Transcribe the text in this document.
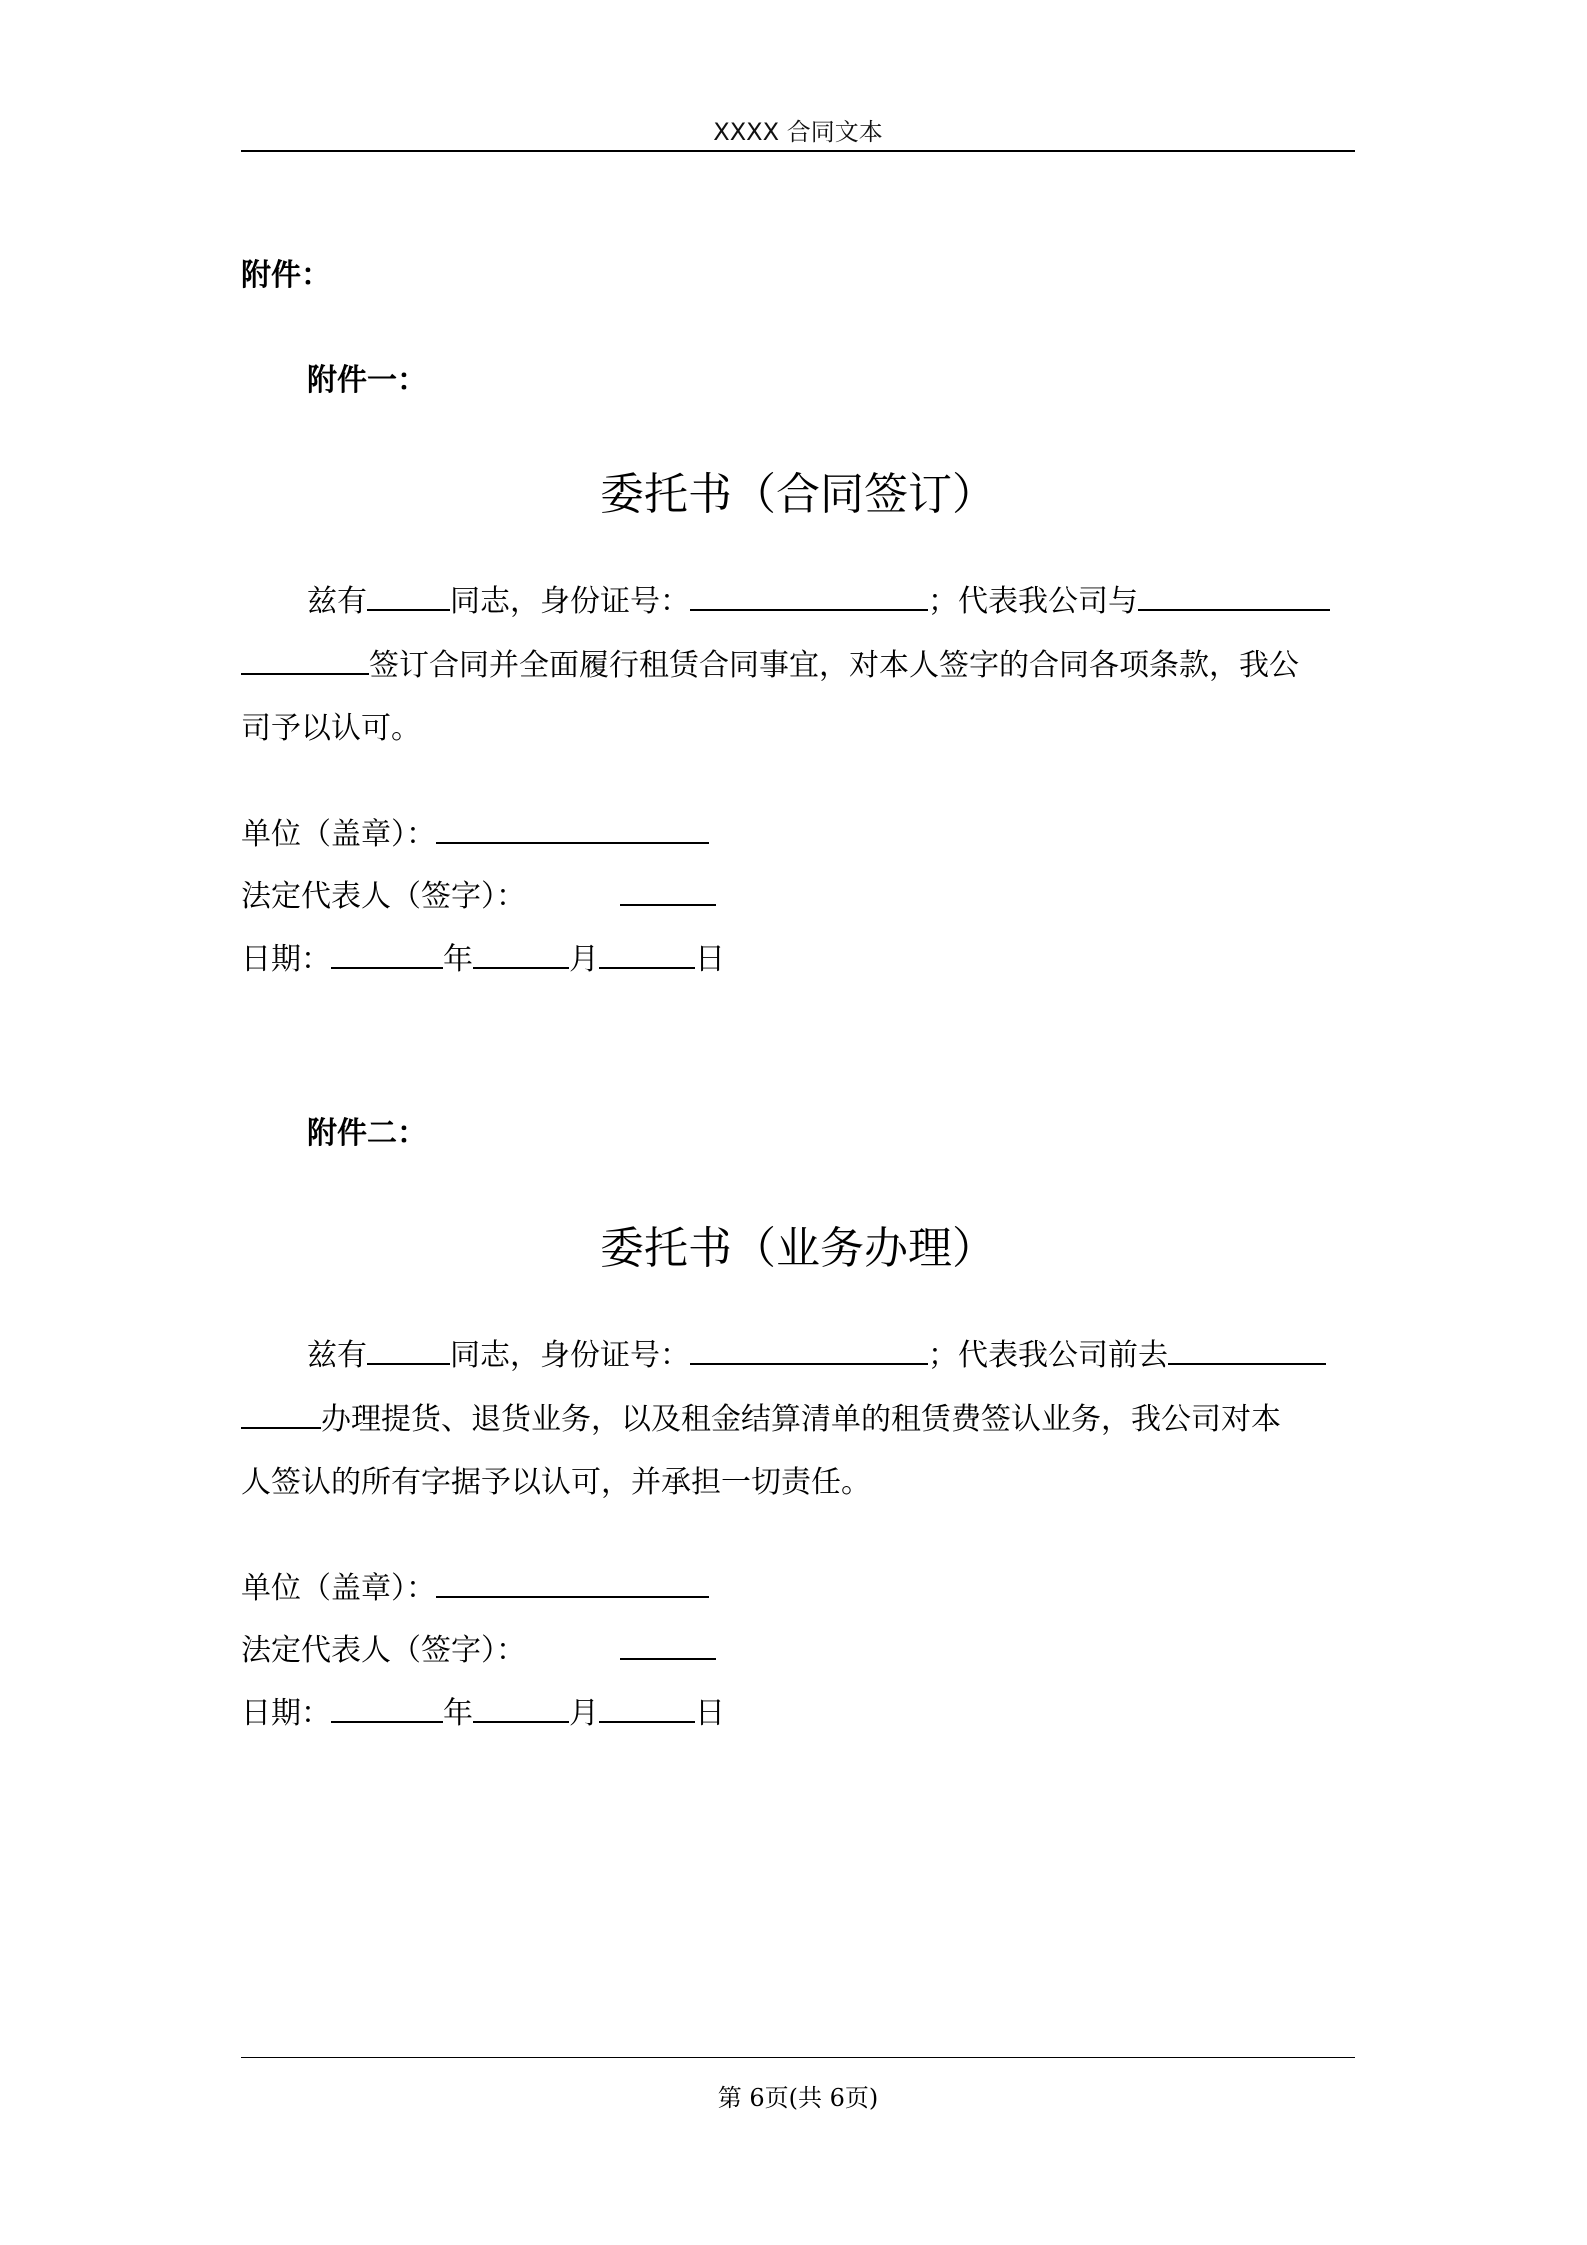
XXXX 合同文本
附件：
附件一：
委托书（合同签订）
兹有	同志，身份证号：	；代表我公司与
签订合同并全面履行租赁合同事宜，对本人签字的合同各项条款，我公
司予以认可。
单位（盖章）：
法定代表人（签字）：
日期：	年	月	日
附件二：
委托书（业务办理）
兹有	同志，身份证号：	；代表我公司前去
办理提货、退货业务，以及租金结算清单的租赁费签认业务，我公司对本
人签认的所有字据予以认可，并承担一切责任。
单位（盖章）：
法定代表人（签字）：
日期：	年	月	日
第 6页(共 6页)
